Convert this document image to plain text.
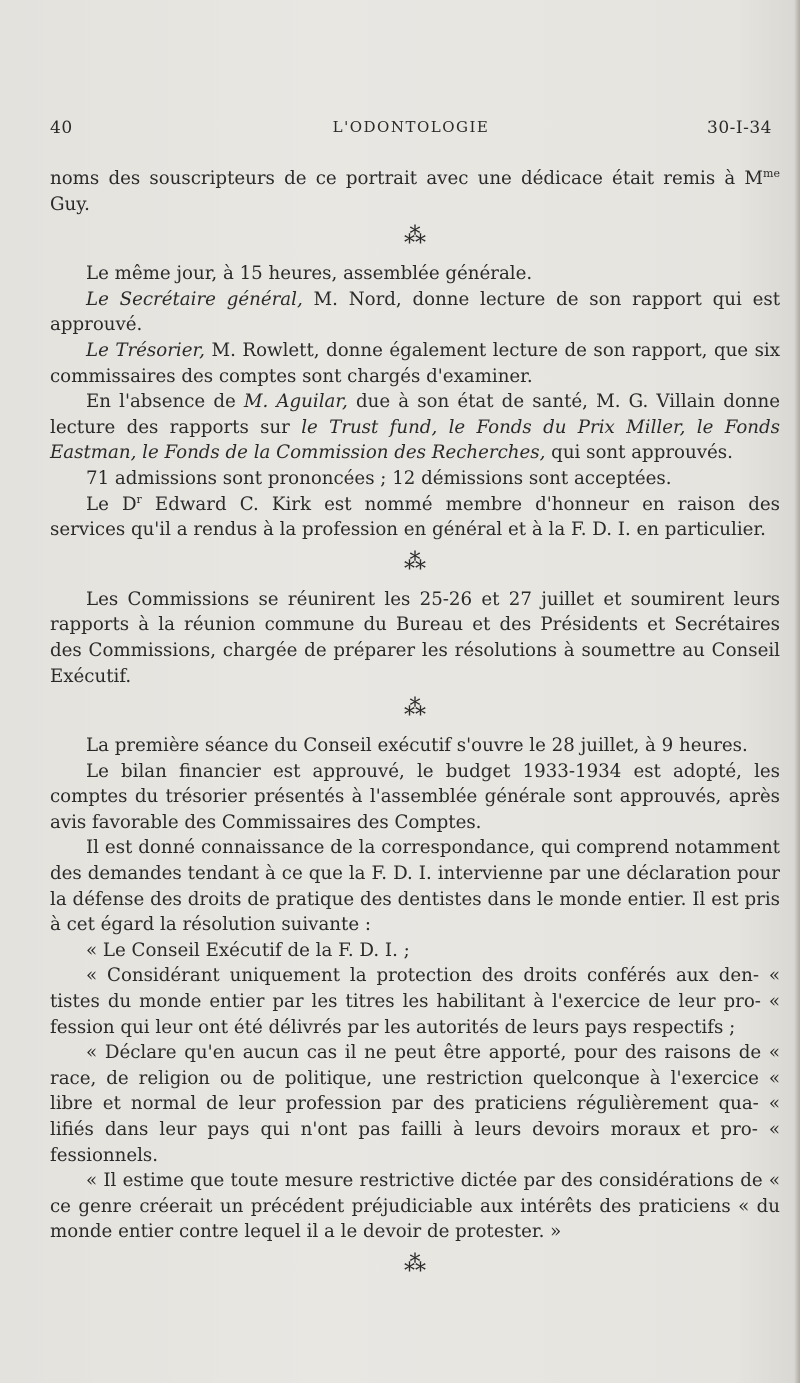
40	L'ODONTOLOGIE	30-I-34

noms des souscripteurs de ce portrait avec une dédicace était remis à $M^{me}$ Guy.

⁂

Le même jour, à 15 heures, assemblée générale.

Le Secrétaire général, M. Nord, donne lecture de son rapport qui est approuvé.

Le Trésorier, M. Rowlett, donne également lecture de son rapport, que six commissaires des comptes sont chargés d'examiner.

En l'absence de M. Aguilar, due à son état de santé, M. G. Villain donne lecture des rapports sur le Trust fund, le Fonds du Prix Miller, le Fonds Eastman, le Fonds de la Commission des Recherches, qui sont approuvés.

71 admissions sont prononcées ; 12 démissions sont acceptées.

Le $D^r$ Edward C. Kirk est nommé membre d'honneur en raison des services qu'il a rendus à la profession en général et à la F. D. I. en particulier.

⁂

Les Commissions se réunirent les 25-26 et 27 juillet et soumirent leurs rapports à la réunion commune du Bureau et des Présidents et Secrétaires des Commissions, chargée de préparer les résolutions à soumettre au Conseil Exécutif.

⁂

La première séance du Conseil exécutif s'ouvre le 28 juillet, à 9 heures.

Le bilan financier est approuvé, le budget 1933-1934 est adopté, les comptes du trésorier présentés à l'assemblée générale sont approuvés, après avis favorable des Commissaires des Comptes.

Il est donné connaissance de la correspondance, qui comprend notamment des demandes tendant à ce que la F. D. I. intervienne par une déclaration pour la défense des droits de pratique des dentistes dans le monde entier. Il est pris à cet égard la résolution suivante :

« Le Conseil Exécutif de la F. D. I. ;

« Considérant uniquement la protection des droits conférés aux den- « tistes du monde entier par les titres les habilitant à l'exercice de leur pro- « fession qui leur ont été délivrés par les autorités de leurs pays respectifs ;

« Déclare qu'en aucun cas il ne peut être apporté, pour des raisons de « race, de religion ou de politique, une restriction quelconque à l'exercice « libre et normal de leur profession par des praticiens régulièrement qua- « lifiés dans leur pays qui n'ont pas failli à leurs devoirs moraux et pro- « fessionnels.

« Il estime que toute mesure restrictive dictée par des considérations de « ce genre créerait un précédent préjudiciable aux intérêts des praticiens « du monde entier contre lequel il a le devoir de protester. »

⁂
